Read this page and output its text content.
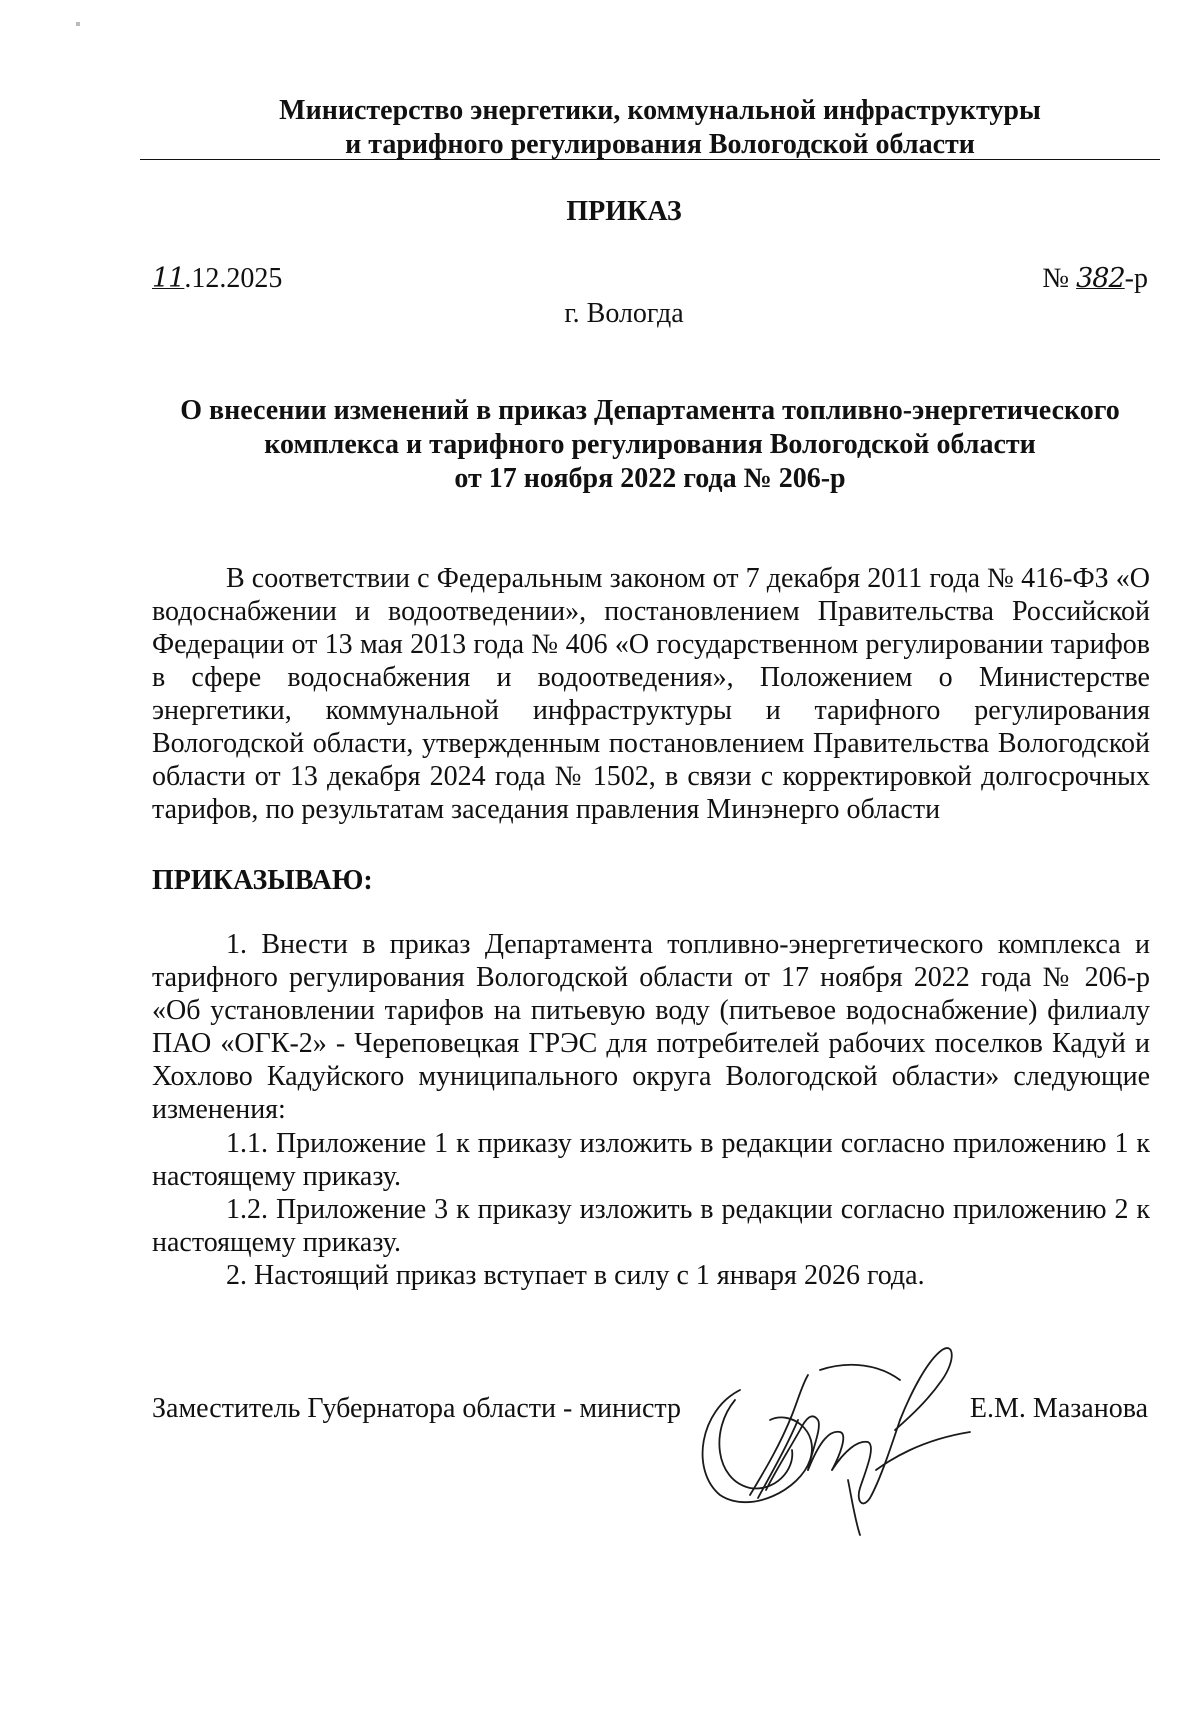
Министерство энергетики, коммунальной инфраструктуры
и тарифного регулирования Вологодской области
ПРИКАЗ
11.12.2025	№ 382-р
г. Вологда
О внесении изменений в приказ Департамента топливно-энергетического
комплекса и тарифного регулирования Вологодской области
от 17 ноября 2022 года № 206-р
В соответствии с Федеральным законом от 7 декабря 2011 года № 416-ФЗ «О водоснабжении и водоотведении», постановлением Правительства Российской Федерации от 13 мая 2013 года № 406 «О государственном регулировании тарифов в сфере водоснабжения и водоотведения», Положением о Министерстве энергетики, коммунальной инфраструктуры и тарифного регулирования Вологодской области, утвержденным постановлением Правительства Вологодской области от 13 декабря 2024 года № 1502, в связи с корректировкой долгосрочных тарифов, по результатам заседания правления Минэнерго области
ПРИКАЗЫВАЮ:
1. Внести в приказ Департамента топливно-энергетического комплекса и тарифного регулирования Вологодской области от 17 ноября 2022 года № 206-р «Об установлении тарифов на питьевую воду (питьевое водоснабжение) филиалу ПАО «ОГК-2» - Череповецкая ГРЭС для потребителей рабочих поселков Кадуй и Хохлово Кадуйского муниципального округа Вологодской области» следующие изменения:
1.1. Приложение 1 к приказу изложить в редакции согласно приложению 1 к настоящему приказу.
1.2. Приложение 3 к приказу изложить в редакции согласно приложению 2 к настоящему приказу.
2. Настоящий приказ вступает в силу с 1 января 2026 года.
Заместитель Губернатора области - министр	Е.М. Мазанова
